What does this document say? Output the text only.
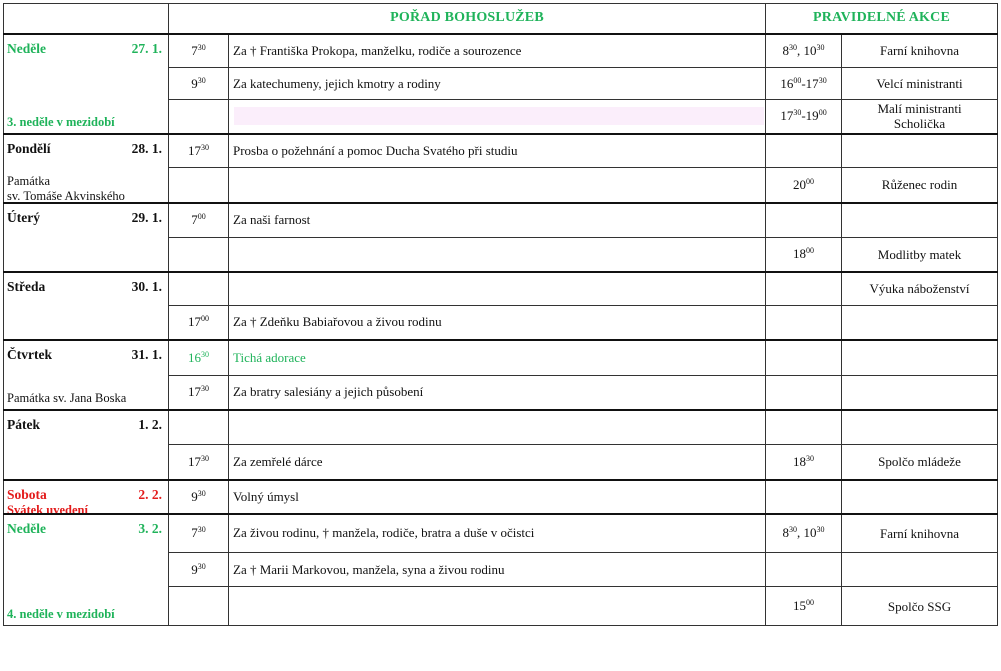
	POŘAD BOHOSLUŽEB		PRAVIDELNÉ AKCE	

Neděle 27. 1.
3. neděle v mezidobí	$7^{30}$	Za † Františka Prokopa, manželku, rodiče a sourozence	$8^{30}$, $10^{30}$	Farní knihovna
	$9^{30}$	Za katechumeny, jejich kmotry a rodiny	$16^{00}-17^{30}$	Velcí ministranti

		$17^{30}-19^{00}$	Malí ministranti
Scholička

Pondělí 28. 1.
Památka
sv. Tomáše Akvinského	$17^{30}$	Prosba o požehnání a pomoc Ducha Svatého při studiu		
			$20^{00}$	Růženec rodin

Úterý 29. 1.	$7^{00}$	Za naši farnost		
			$18^{00}$	Modlitby matek

Středa 30. 1.				Výuka náboženství
	$17^{00}$	Za † Zdeňku Babiařovou a živou rodinu		

Čtvrtek 31. 1.
Památka sv. Jana Boska	$16^{30}$	Tichá adorace		
	$17^{30}$	Za bratry salesiány a jejich působení		

Pátek 1. 2.				

	$17^{30}$	Za zemřelé dárce	$18^{30}$	Spolčo mládeže

Sobota 2. 2.
Svátek uvedení	$9^{30}$	Volný úmysl		

Neděle 3. 2.
4. neděle v mezidobí	$7^{30}$	Za živou rodinu, † manžela, rodiče, bratra a duše v očistci	$8^{30}$, $10^{30}$	Farní knihovna
	$9^{30}$	Za † Marii Markovou, manžela, syna a živou rodinu		
			$15^{00}$	Spolčo SSG
